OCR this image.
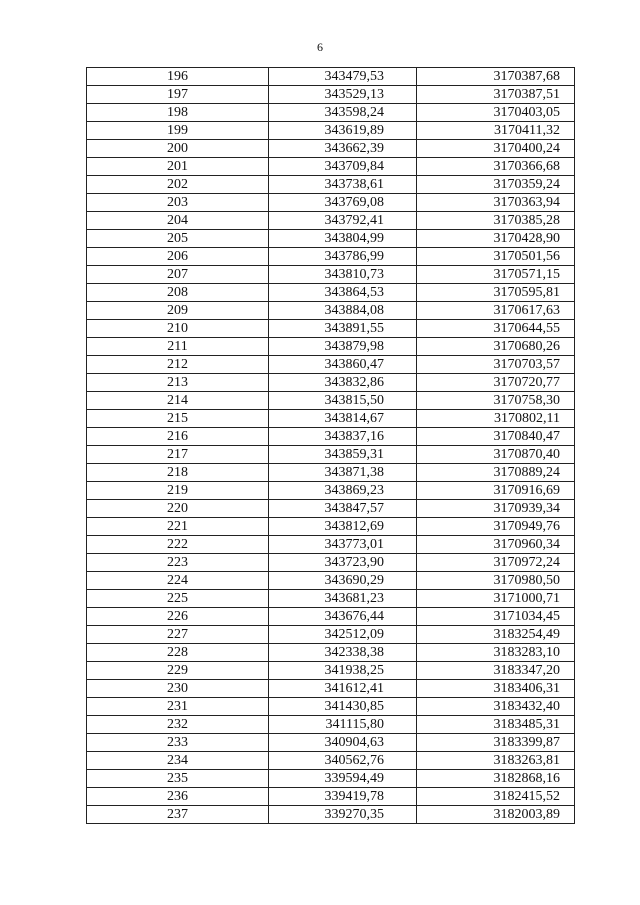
6
196	343479,53	3170387,68
197	343529,13	3170387,51
198	343598,24	3170403,05
199	343619,89	3170411,32
200	343662,39	3170400,24
201	343709,84	3170366,68
202	343738,61	3170359,24
203	343769,08	3170363,94
204	343792,41	3170385,28
205	343804,99	3170428,90
206	343786,99	3170501,56
207	343810,73	3170571,15
208	343864,53	3170595,81
209	343884,08	3170617,63
210	343891,55	3170644,55
211	343879,98	3170680,26
212	343860,47	3170703,57
213	343832,86	3170720,77
214	343815,50	3170758,30
215	343814,67	3170802,11
216	343837,16	3170840,47
217	343859,31	3170870,40
218	343871,38	3170889,24
219	343869,23	3170916,69
220	343847,57	3170939,34
221	343812,69	3170949,76
222	343773,01	3170960,34
223	343723,90	3170972,24
224	343690,29	3170980,50
225	343681,23	3171000,71
226	343676,44	3171034,45
227	342512,09	3183254,49
228	342338,38	3183283,10
229	341938,25	3183347,20
230	341612,41	3183406,31
231	341430,85	3183432,40
232	341115,80	3183485,31
233	340904,63	3183399,87
234	340562,76	3183263,81
235	339594,49	3182868,16
236	339419,78	3182415,52
237	339270,35	3182003,89
